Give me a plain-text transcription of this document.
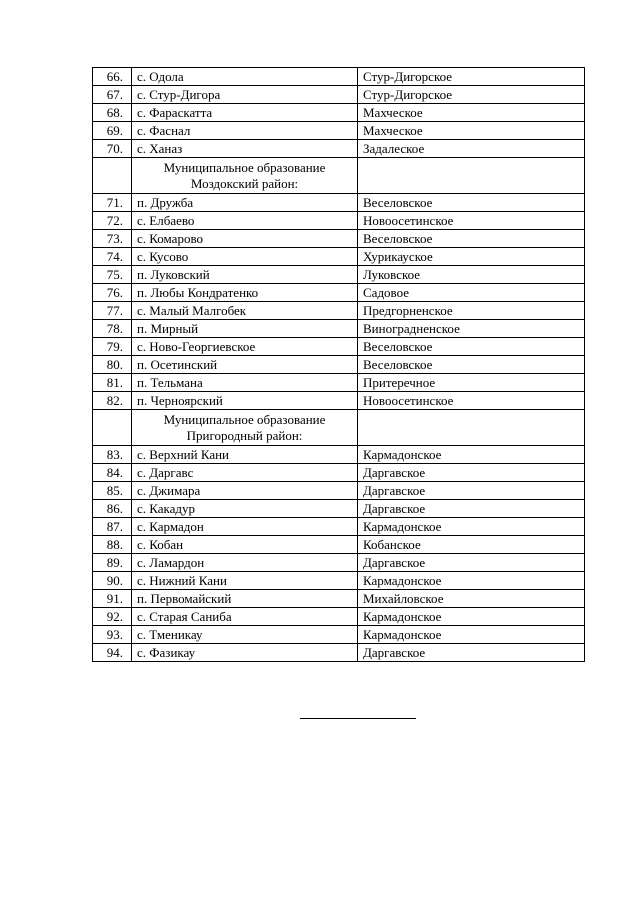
66.	с. Одола	Стур-Дигорское
67.	с. Стур-Дигора	Стур-Дигорское
68.	с. Фараскатта	Махческое
69.	с. Фаснал	Махческое
70.	с. Ханаз	Задалеское
	Муниципальное образование Моздокский район:	
71.	п. Дружба	Веселовское
72.	с. Елбаево	Новоосетинское
73.	с. Комарово	Веселовское
74.	с. Кусово	Хурикауское
75.	п. Луковский	Луковское
76.	п. Любы Кондратенко	Садовое
77.	с. Малый Малгобек	Предгорненское
78.	п. Мирный	Виноградненское
79.	с. Ново-Георгиевское	Веселовское
80.	п. Осетинский	Веселовское
81.	п. Тельмана	Притеречное
82.	п. Черноярский	Новоосетинское
	Муниципальное образование Пригородный район:	
83.	с. Верхний Кани	Кармадонское
84.	с. Даргавс	Даргавское
85.	с. Джимара	Даргавское
86.	с. Какадур	Даргавское
87.	с. Кармадон	Кармадонское
88.	с. Кобан	Кобанское
89.	с. Ламардон	Даргавское
90.	с. Нижний Кани	Кармадонское
91.	п. Первомайский	Михайловское
92.	с. Старая Саниба	Кармадонское
93.	с. Тменикау	Кармадонское
94.	с. Фазикау	Даргавское
